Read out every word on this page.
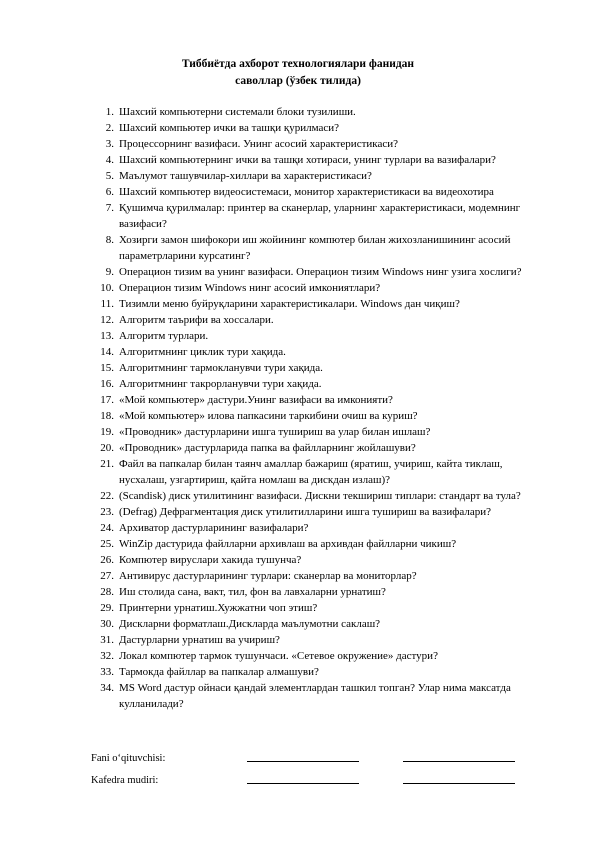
Тиббиётда ахборот технологиялари фанидан
саволлар (ўзбек тилида)
1. Шахсий компьютерни системали блоки тузилиши.
2. Шахсий компьютер ички ва ташқи қурилмаси?
3. Процессорнинг вазифаси. Унинг асосий характеристикаси?
4. Шахсий компьютернинг ички ва ташқи хотираси, унинг турлари ва вазифалари?
5. Маълумот ташувчилар-хиллари ва характеристикаси?
6. Шахсий компьютер видеосистемаси, монитор характеристикаси ва видеохотира
7. Қушимча қурилмалар: принтер ва сканерлар, уларнинг характеристикаси, модемнинг вазифаси?
8. Хозирги замон шифокори иш жойининг компютер билан жихозланишининг асосий параметрларини курсатинг?
9. Операцион тизим ва унинг вазифаси. Операцион тизим Windows нинг узига хослиги?
10. Операцион тизим Windows нинг асосий имкониятлари?
11. Тизимли меню буйруқларини характеристикалари. Windows дан чиқиш?
12. Алгоритм таърифи ва хоссалари.
13. Алгоритм турлари.
14. Алгоритмнинг циклик тури хақида.
15. Алгоритмнинг тармокланувчи тури хақида.
16. Алгоритмнинг такрорланувчи тури хақида.
17. «Мой компьютер» дастури.Унинг вазифаси ва имконияти?
18. «Мой компьютер» илова папкасини таркибини очиш ва куриш?
19. «Проводник» дастурларини ишга тушириш ва улар билан ишлаш?
20. «Проводник» дастурларида папка ва файлларнинг жойлашуви?
21. Файл ва папкалар билан таянч амаллар бажариш (яратиш, учириш, кайта тиклаш, нусхалаш, узгартириш, қайта номлаш ва дискдан излаш)?
22. (Scandisk) диск утилитининг вазифаси. Дискни текшириш типлари: стандарт ва тула?
23. (Defrag) Дефрагментация диск утилитилларини ишга тушириш ва вазифалари?
24. Архиватор дастурларининг вазифалари?
25. WinZip дастурида файлларни архивлаш ва архивдан файлларни чикиш?
26. Компютер вируслари хакида тушунча?
27. Антивирус дастурларининг турлари: сканерлар ва мониторлар?
28. Иш столида сана, вакт, тил, фон ва лавхаларни урнатиш?
29. Принтерни урнатиш.Хужжатни чоп этиш?
30. Дискларни форматлаш.Дискларда маълумотни саклаш?
31. Дастурларни урнатиш ва учириш?
32. Локал компютер тармок тушунчаси. «Сетевое окружение» дастури?
33. Тармокда файллар ва папкалар алмашуви?
34. MS Word дастур ойнаси қандай элементлардан ташкил топган? Улар нима максатда кулланилади?
Fani o‘qituvchisi:
Kafedra mudiri:
